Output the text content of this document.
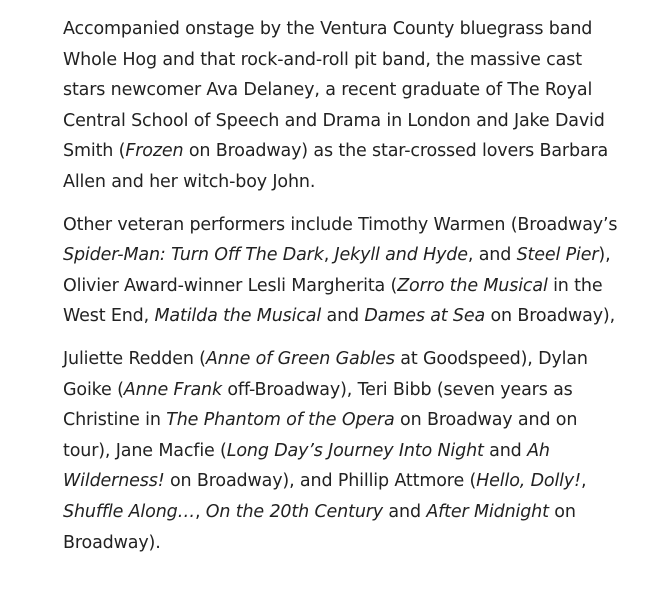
Accompanied onstage by the Ventura County bluegrass band Whole Hog and that rock-and-roll pit band, the massive cast stars newcomer Ava Delaney, a recent graduate of The Royal Central School of Speech and Drama in London and Jake David Smith (Frozen on Broadway) as the star-crossed lovers Barbara Allen and her witch-boy John.

Other veteran performers include Timothy Warmen (Broadway’s Spider-Man: Turn Off The Dark, Jekyll and Hyde, and Steel Pier), Olivier Award-winner Lesli Margherita (Zorro the Musical in the West End, Matilda the Musical and Dames at Sea on Broadway),

Juliette Redden (Anne of Green Gables at Goodspeed), Dylan Goike (Anne Frank off-Broadway), Teri Bibb (seven years as Christine in The Phantom of the Opera on Broadway and on tour), Jane Macfie (Long Day’s Journey Into Night and Ah Wilderness! on Broadway), and Phillip Attmore (Hello, Dolly!, Shuffle Along…, On the 20th Century and After Midnight on Broadway).
